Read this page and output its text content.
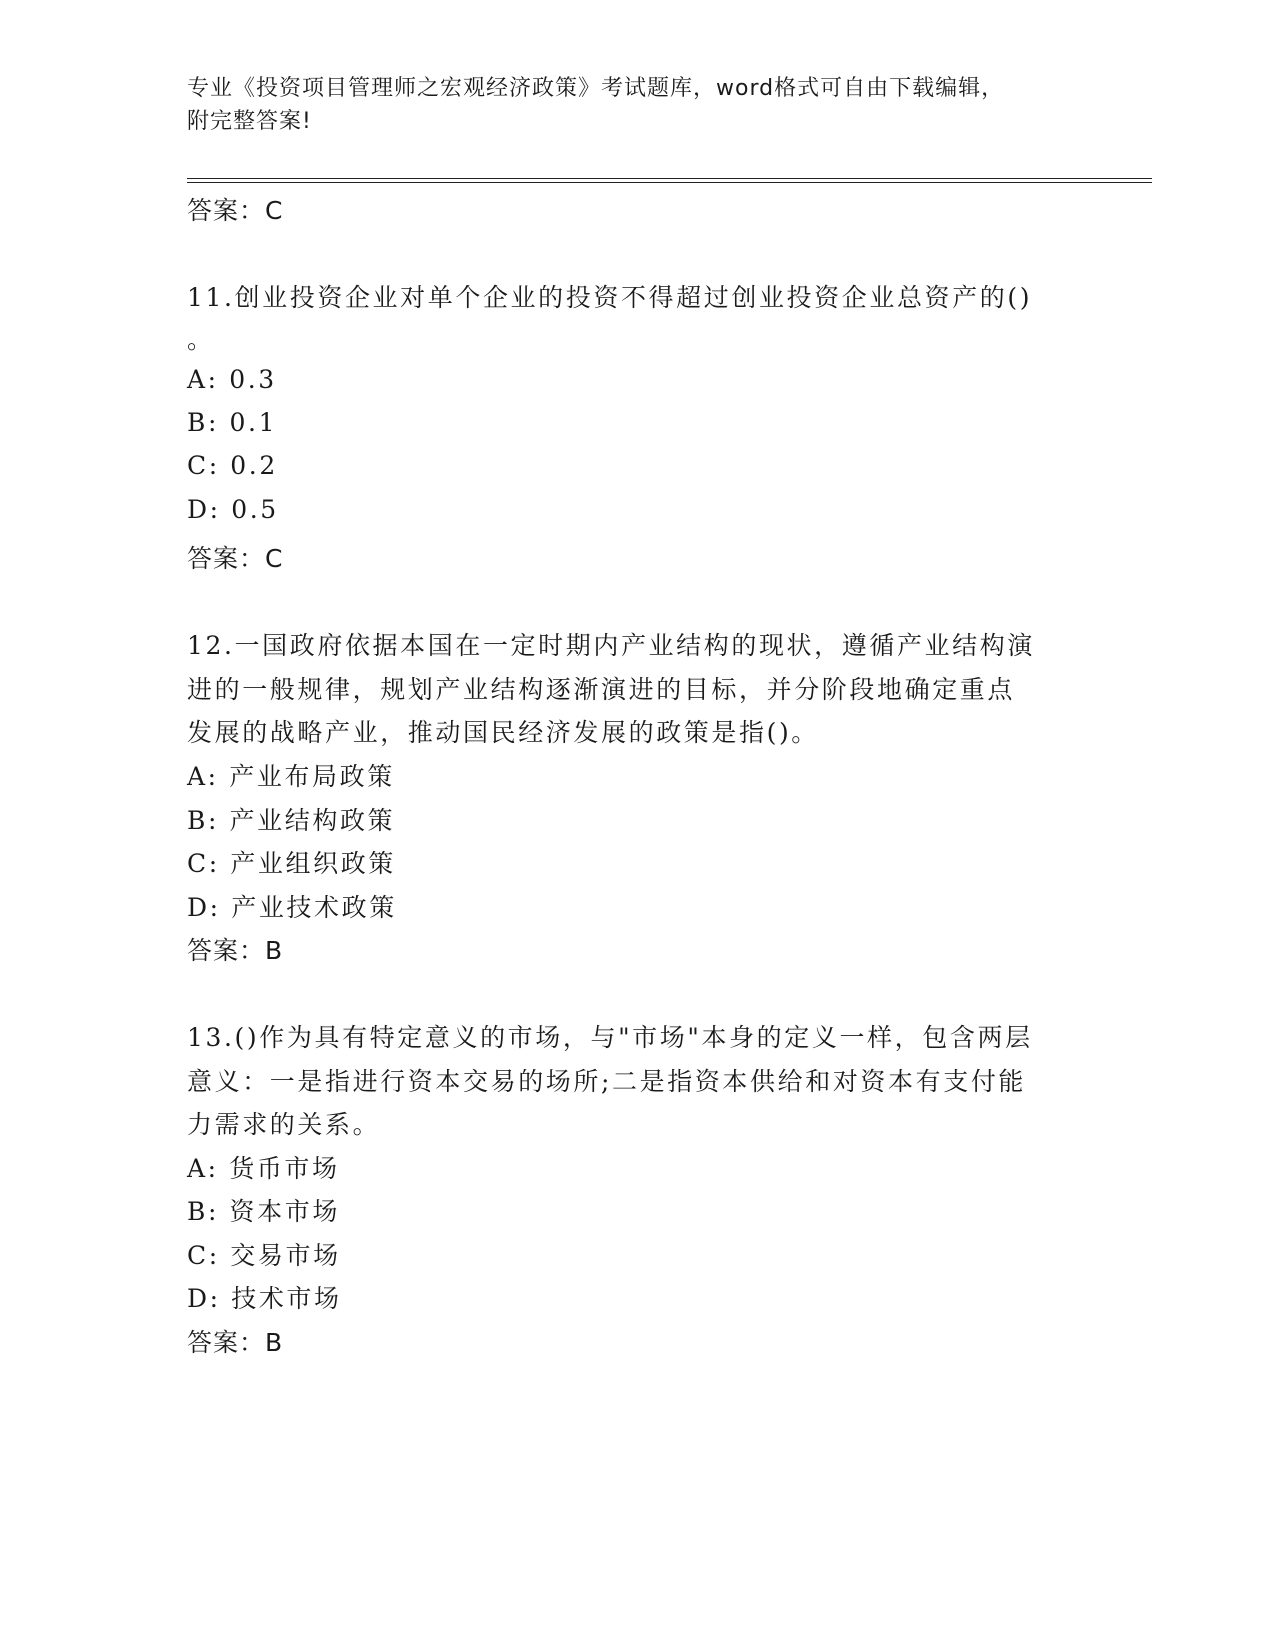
专业《投资项目管理师之宏观经济政策》考试题库，word格式可自由下载编辑，
附完整答案!
答案：C
11.创业投资企业对单个企业的投资不得超过创业投资企业总资产的()
。
A: 0.3
B: 0.1
C: 0.2
D: 0.5
答案：C
12.一国政府依据本国在一定时期内产业结构的现状，遵循产业结构演
进的一般规律，规划产业结构逐渐演进的目标，并分阶段地确定重点
发展的战略产业，推动国民经济发展的政策是指()。
A: 产业布局政策
B: 产业结构政策
C: 产业组织政策
D: 产业技术政策
答案：B
13.()作为具有特定意义的市场，与"市场"本身的定义一样，包含两层
意义：一是指进行资本交易的场所;二是指资本供给和对资本有支付能
力需求的关系。
A: 货币市场
B: 资本市场
C: 交易市场
D: 技术市场
答案：B
